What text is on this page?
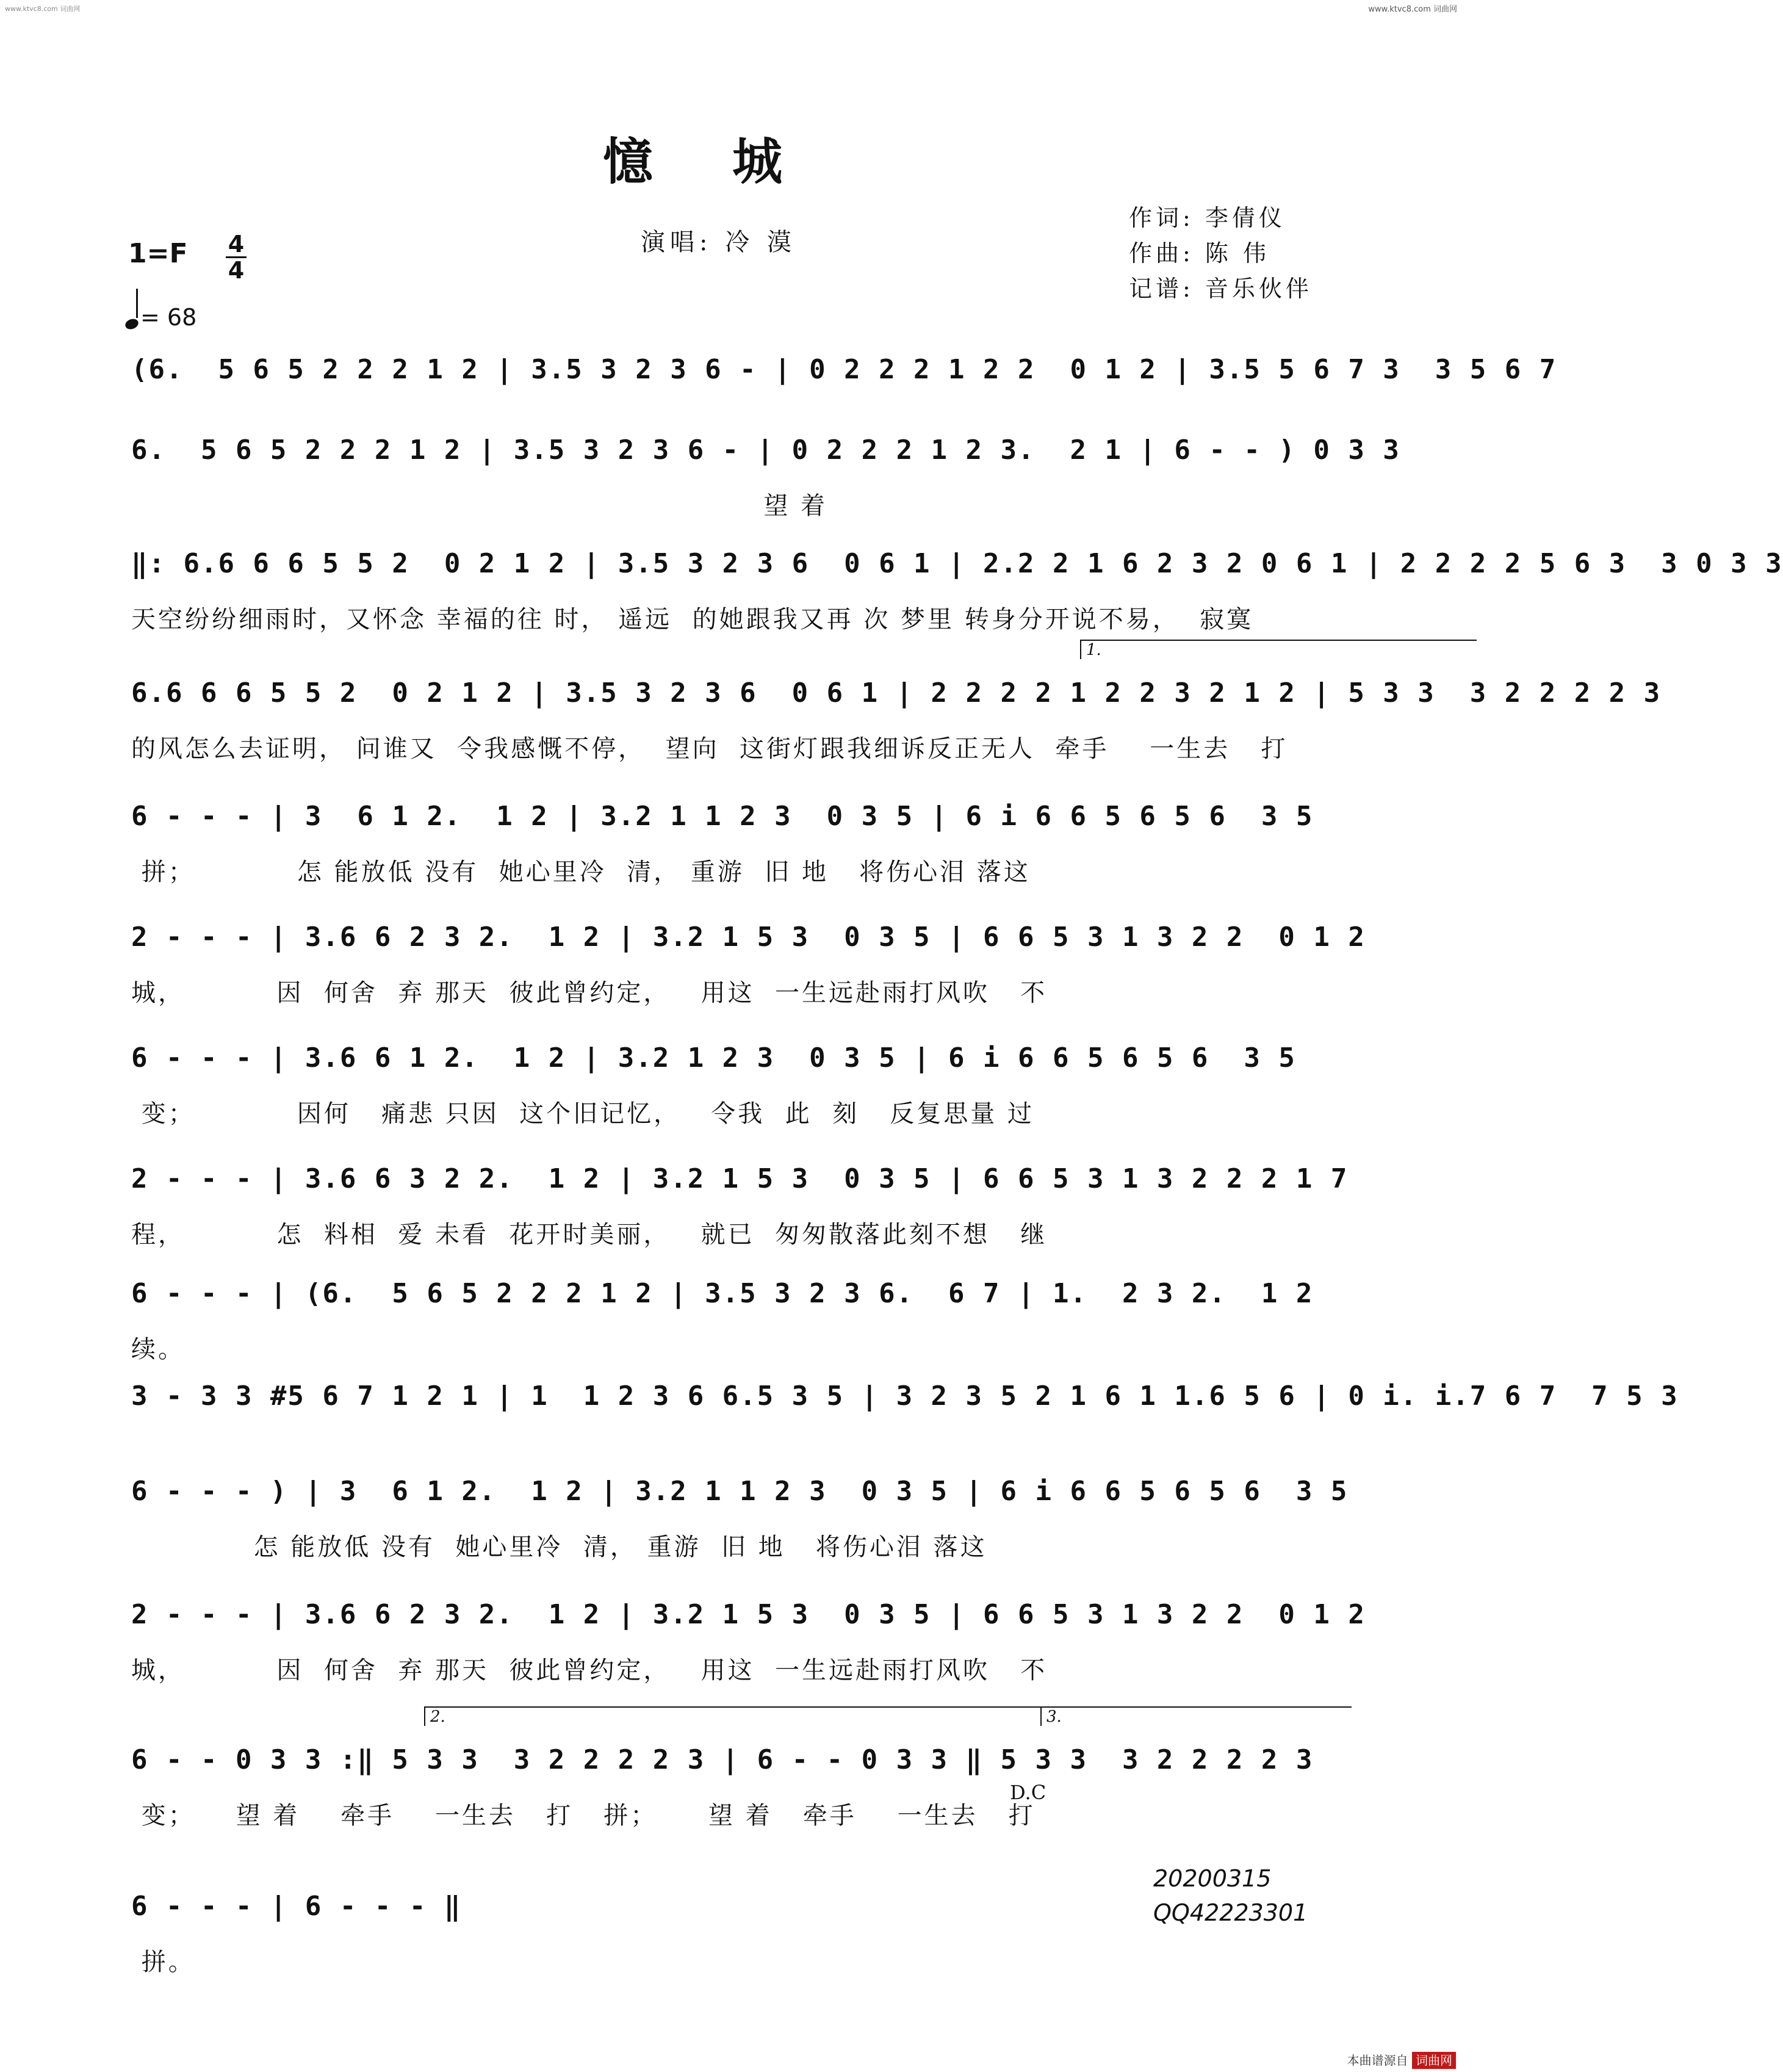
www.ktvc8.com 词曲网	www.ktvc8.com 词曲网
憶城
演唱: 冷 漠
作词: 李倩仪
作曲: 陈 伟
记谱: 音乐伙伴
1=F 4
4
= 68
(6.  5 6 5 2 2 2 1 2 | 3.5 3 2 3 6 - | 0 2 2 2 1 2 2  0 1 2 | 3.5 5 6 7 3  3 5 6 7
6.  5 6 5 2 2 2 1 2 | 3.5 3 2 3 6 - | 0 2 2 2 1 2 3.  2 1 | 6 - - ) 0 3 3
望 着
‖: 6.6 6 6 5 5 2  0 2 1 2 | 3.5 3 2 3 6  0 6 1 | 2.2 2 1 6 2 3 2 0 6 1 | 2 2 2 2 5 6 3  3 0 3 3
天空纷纷细雨时，又怀念 幸福的往 时， 遥远  的她跟我又再 次 梦里 转身分开说不易，  寂寞
1.
6.6 6 6 5 5 2  0 2 1 2 | 3.5 3 2 3 6  0 6 1 | 2 2 2 2 1 2 2 3 2 1 2 | 5 3 3  3 2 2 2 2 3
的风怎么去证明， 问谁又  令我感慨不停，  望向  这街灯跟我细诉反正无人  牵手    一生去   打
6 - - - | 3  6 1 2.  1 2 | 3.2 1 1 2 3  0 3 5 | 6 i 6 6 5 6 5 6  3 5
拼；          怎 能放低 没有  她心里冷  清， 重游  旧 地   将伤心泪 落这
2 - - - | 3.6 6 2 3 2.  1 2 | 3.2 1 5 3  0 3 5 | 6 6 5 3 1 3 2 2  0 1 2
城，         因  何舍  弃 那天  彼此曾约定，   用这  一生远赴雨打风吹   不
6 - - - | 3.6 6 1 2.  1 2 | 3.2 1 2 3  0 3 5 | 6 i 6 6 5 6 5 6  3 5
变；          因何   痛悲 只因  这个旧记忆，   令我  此  刻   反复思量 过
2 - - - | 3.6 6 3 2 2.  1 2 | 3.2 1 5 3  0 3 5 | 6 6 5 3 1 3 2 2 2 1 7
程，         怎  料相  爱 未看  花开时美丽，   就已  匆匆散落此刻不想   继
6 - - - | (6.  5 6 5 2 2 2 1 2 | 3.5 3 2 3 6.  6 7 | 1.  2 3 2.  1 2
续。
3 - 3 3 #5 6 7 1 2 1 | 1  1 2 3 6 6.5 3 5 | 3 2 3 5 2 1 6 1 1.6 5 6 | 0 i. i.7 6 7  7 5 3
6 - - - ) | 3  6 1 2.  1 2 | 3.2 1 1 2 3  0 3 5 | 6 i 6 6 5 6 5 6  3 5
怎 能放低 没有  她心里冷  清， 重游  旧 地   将伤心泪 落这
2 - - - | 3.6 6 2 3 2.  1 2 | 3.2 1 5 3  0 3 5 | 6 6 5 3 1 3 2 2  0 1 2
城，         因  何舍  弃 那天  彼此曾约定，   用这  一生远赴雨打风吹   不
2.	3.
6 - - 0 3 3 :‖ 5 3 3  3 2 2 2 2 3 | 6 - - 0 3 3 ‖ 5 3 3  3 2 2 2 2 3
变；    望 着    牵手    一生去   打   拼；     望 着   牵手    一生去   打
D.C
6 - - - | 6 - - - ‖
拼。
20200315
QQ42223301
本曲谱源自 词曲网
